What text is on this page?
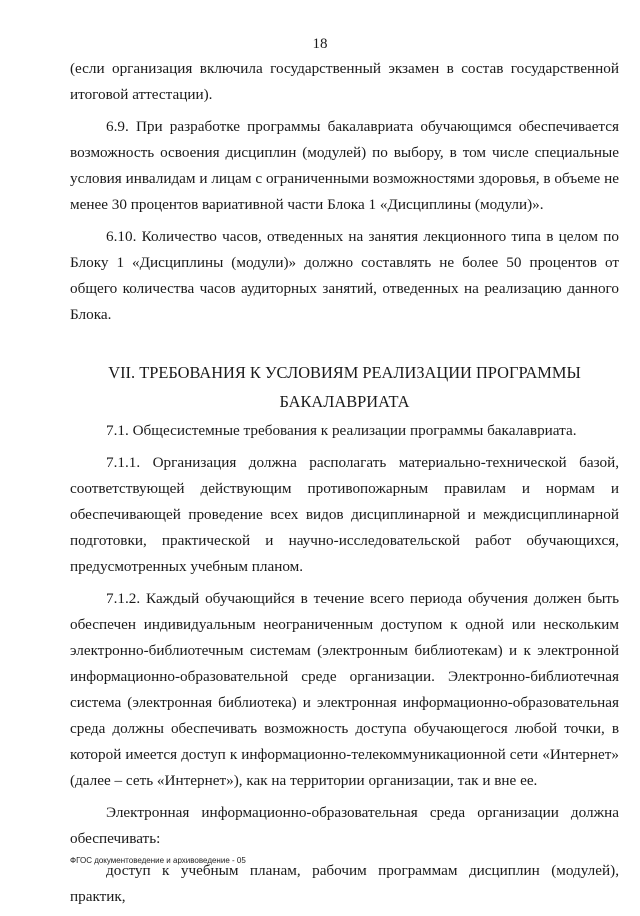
18

(если организация включила государственный экзамен в состав государственной итоговой аттестации).

6.9. При разработке программы бакалавриата обучающимся обеспечивается возможность освоения дисциплин (модулей) по выбору, в том числе специальные условия инвалидам и лицам с ограниченными возможностями здоровья, в объеме не менее 30 процентов вариативной части Блока 1 «Дисциплины (модули)».

6.10. Количество часов, отведенных на занятия лекционного типа в целом по Блоку 1 «Дисциплины (модули)» должно составлять не более 50 процентов от общего количества часов аудиторных занятий, отведенных на реализацию данного Блока.

VII. ТРЕБОВАНИЯ К УСЛОВИЯМ РЕАЛИЗАЦИИ ПРОГРАММЫ
БАКАЛАВРИАТА

7.1. Общесистемные требования к реализации программы бакалавриата.

7.1.1. Организация должна располагать материально-технической базой, соответствующей действующим противопожарным правилам и нормам и обеспечивающей проведение всех видов дисциплинарной и междисциплинарной подготовки, практической и научно-исследовательской работ обучающихся, предусмотренных учебным планом.

7.1.2. Каждый обучающийся в течение всего периода обучения должен быть обеспечен индивидуальным неограниченным доступом к одной или нескольким электронно-библиотечным системам (электронным библиотекам) и к электронной информационно-образовательной среде организации. Электронно-библиотечная система (электронная библиотека) и электронная информационно-образовательная среда должны обеспечивать возможность доступа обучающегося любой точки, в которой имеется доступ к информационно-телекоммуникационной сети «Интернет» (далее – сеть «Интернет»), как на территории организации, так и вне ее.

Электронная информационно-образовательная среда организации должна обеспечивать:

доступ к учебным планам, рабочим программам дисциплин (модулей), практик,

ФГОС документоведение и архивоведение - 05
